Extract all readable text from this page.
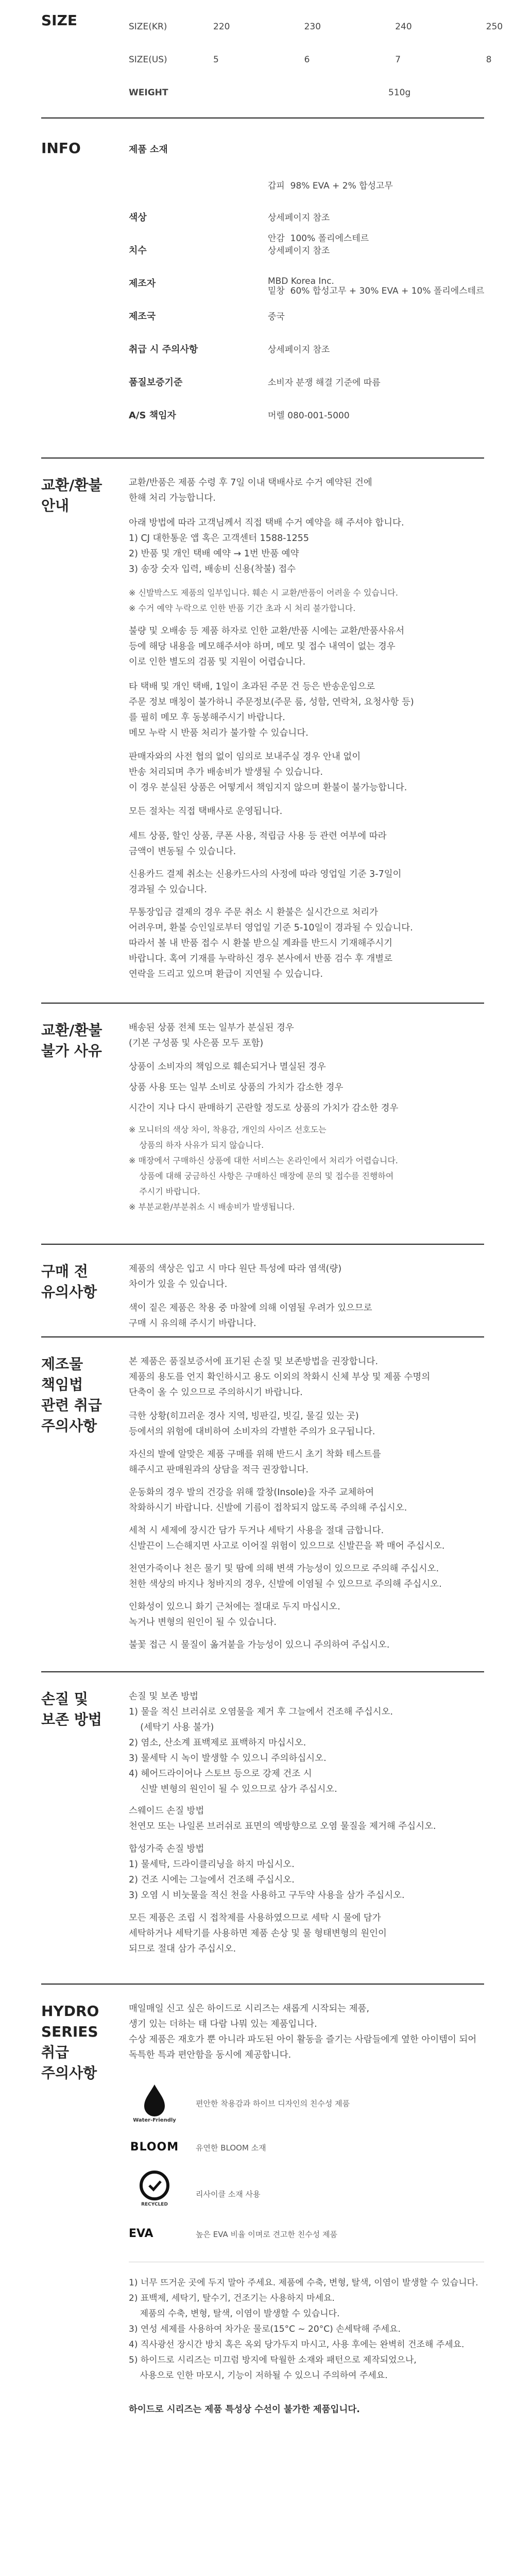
SIZE	SIZE(KR)	220	230	240	250
SIZE(US)	5	6	7	8
WEIGHT	510g			
INFO	제품 소재

갑피  98% EVA + 2% 합성고무

안감  100% 폴리에스테르

밑창  60% 합성고무 + 30% EVA + 10% 폴리에스테르

색상	상세페이지 참조
치수	상세페이지 참조
제조자	MBD Korea Inc.
제조국	중국
취급 시 주의사항	상세페이지 참조
품질보증기준	소비자 분쟁 해결 기준에 따름
A/S 책임자	머렐 080-001-5000
교환/환불
안내
교환/반품은 제품 수령 후 7일 이내 택배사로 수거 예약된 건에
한해 처리 가능합니다.
아래 방법에 따라 고객님께서 직접 택배 수거 예약을 해 주셔야 합니다.
1) CJ 대한통운 앱 혹은 고객센터 1588-1255
2) 반품 및 개인 택배 예약 → 1번 반품 예약
3) 송장 숫자 입력, 배송비 신용(착불) 접수
※ 신발박스도 제품의 일부입니다. 훼손 시 교환/반품이 어려울 수 있습니다.
※ 수거 예약 누락으로 인한 반품 기간 초과 시 처리 불가합니다.
불량 및 오배송 등 제품 하자로 인한 교환/반품 시에는 교환/반품사유서
등에 해당 내용을 메모해주셔야 하며, 메모 및 접수 내역이 없는 경우
이로 인한 별도의 검품 및 지원이 어렵습니다.
타 택배 및 개인 택배, 1일이 초과된 주문 건 등은 반송운임으로
주문 정보 매칭이 불가하니 주문정보(주문 룸, 성함, 연락처, 요청사항 등)
를 필히 메모 후 동봉해주시기 바랍니다.
메모 누락 시 반품 처리가 불가할 수 있습니다.
판매자와의 사전 협의 없이 임의로 보내주실 경우 안내 없이
반송 처리되며 추가 배송비가 발생될 수 있습니다.
이 경우 분실된 상품은 어떻게서 책임지지 않으며 환불이 불가능합니다.
모든 절차는 직접 택배사로 운영됩니다.
세트 상품, 할인 상품, 쿠폰 사용, 적립금 사용 등 관련 여부에 따라
금액이 변동될 수 있습니다.
신용카드 결제 취소는 신용카드사의 사정에 따라 영업일 기준 3-7일이
경과될 수 있습니다.
무통장입금 결제의 경우 주문 취소 시 환불은 실시간으로 처리가
어려우며, 환불 승인일로부터 영업일 기준 5-10일이 경과될 수 있습니다.
따라서 볼 내 반품 접수 시 환불 받으실 계좌를 반드시 기재해주시기
바랍니다. 혹여 기재를 누락하신 경우 본사에서 반품 검수 후 개별로
연락을 드리고 있으며 환급이 지연될 수 있습니다.
교환/환불
불가 사유
배송된 상품 전체 또는 일부가 분실된 경우
(기본 구성품 및 사은품 모두 포함)
상품이 소비자의 책임으로 훼손되거나 멸실된 경우
상품 사용 또는 일부 소비로 상품의 가치가 감소한 경우
시간이 지나 다시 판매하기 곤란할 정도로 상품의 가치가 감소한 경우
※ 모니터의 색상 차이, 착용감, 개인의 사이즈 선호도는
상품의 하자 사유가 되지 않습니다.
※ 매장에서 구매하신 상품에 대한 서비스는 온라인에서 처리가 어렵습니다.
상품에 대해 궁금하신 사항은 구매하신 매장에 문의 및 접수를 진행하여
주시기 바랍니다.
※ 부분교환/부분취소 시 배송비가 발생됩니다.
구매 전
유의사항
제품의 색상은 입고 시 마다 원단 특성에 따라 염색(량)
차이가 있을 수 있습니다.
색이 짙은 제품은 착용 중 마찰에 의해 이염될 우려가 있으므로
구매 시 유의해 주시기 바랍니다.
제조물
책임법
관련 취급
주의사항
본 제품은 품질보증서에 표기된 손질 및 보존방법을 권장합니다.
제품의 용도를 언지 확인하시고 용도 이외의 착화시 신체 부상 및 제품 수명의
단축이 올 수 있으므로 주의하시기 바랍니다.
극한 상황(히끄러운 경사 지역, 빙판길, 빗길, 물길 있는 곳)
등에서의 위험에 대비하여 소비자의 각별한 주의가 요구됩니다.
자신의 발에 알맞은 제품 구매를 위해 반드시 초기 착화 테스트를
해주시고 판매원과의 상담을 적극 권장합니다.
운동화의 경우 발의 건강을 위해 깔창(Insole)을 자주 교체하여
착화하시기 바랍니다. 신발에 기름이 접착되지 않도록 주의해 주십시오.
세척 시 세제에 장시간 담가 두거나 세탁기 사용을 절대 금합니다.
신발끈이 느슨해지면 사고로 이어질 위험이 있으므로 신발끈을 꽉 매어 주십시오.
천연가죽이나 천은 물기 및 땀에 의해 변색 가능성이 있으므로 주의해 주십시오.
천한 색상의 바지나 청바지의 경우, 신발에 이염될 수 있으므로 주의해 주십시오.
인화성이 있으니 화기 근처에는 절대로 두지 마십시오.
녹거나 변형의 원인이 될 수 있습니다.
불꽃 접근 시 물질이 옮겨붙을 가능성이 있으니 주의하여 주십시오.
손질 및
보존 방법
손질 및 보존 방법
1) 물을 적신 브러쉬로 오염물을 제거 후 그늘에서 건조해 주십시오.
(세탁기 사용 불가)
2) 염소, 산소계 표백제로 표백하지 마십시오.
3) 물세탁 시 녹이 발생할 수 있으니 주의하십시오.
4) 헤어드라이어나 스토브 등으로 강제 건조 시
신발 변형의 원인이 될 수 있으므로 삼가 주십시오.
스웨이드 손질 방법
천연모 또는 나일론 브러쉬로 표면의 엑방향으로 오염 물질을 제거해 주십시오.
합성가죽 손질 방법
1) 물세탁, 드라이클리닝을 하지 마십시오.
2) 건조 시에는 그늘에서 건조해 주십시오.
3) 오염 시 비눗물을 적신 천을 사용하고 구두약 사용을 삼가 주십시오.
모든 제품은 조립 시 접착제를 사용하였으므로 세탁 시 물에 담가
세탁하거나 세탁기를 사용하면 제품 손상 및 물 형태변형의 원인이
되므로 절대 삼가 주십시오.
HYDRO
SERIES
취급
주의사항
매일매일 신고 싶은 하이드로 시리즈는 새롭게 시작되는 제품,
생기 있는 더하는 태 다람 나뭐 있는 제품입니다.
수상 제품은 재호가 뿐 아니라 파도된 아이 활동을 즐기는 사람들에게 옆한 아이템이 되어
독특한 특과 편안함을 동시에 제공합니다.
Water-Friendly
편안한 착용감과 하이브 디자인의 친수성 제품
BLOOM 유연한 BLOOM 소재
RECYCLED
리사이클 소재 사용
EVA	높은 EVA 비율 이며로 견고한 친수성 제품
1) 너무 뜨거운 곳에 두지 말아 주세요. 제품에 수축, 변형, 탈색, 이염이 발생할 수 있습니다.
2) 표백제, 세탁기, 탈수기, 건조기는 사용하지 마세요.
제품의 수축, 변형, 탈색, 이염이 발생할 수 있습니다.
3) 연성 세제를 사용하여 차가운 물로(15°C ~ 20°C) 손세탁해 주세요.
4) 직사광선 장시간 방치 혹은 옥외 당가두지 마시고, 사용 후에는 완벽히 건조해 주세요.
5) 하이드로 시리즈는 미끄럼 방지에 탁월한 소재와 패턴으로 제작되었으나,
사용으로 인한 마모시, 기능이 저하될 수 있으니 주의하여 주세요.
하이드로 시리즈는 제품 특성상 수선이 불가한 제품입니다.
